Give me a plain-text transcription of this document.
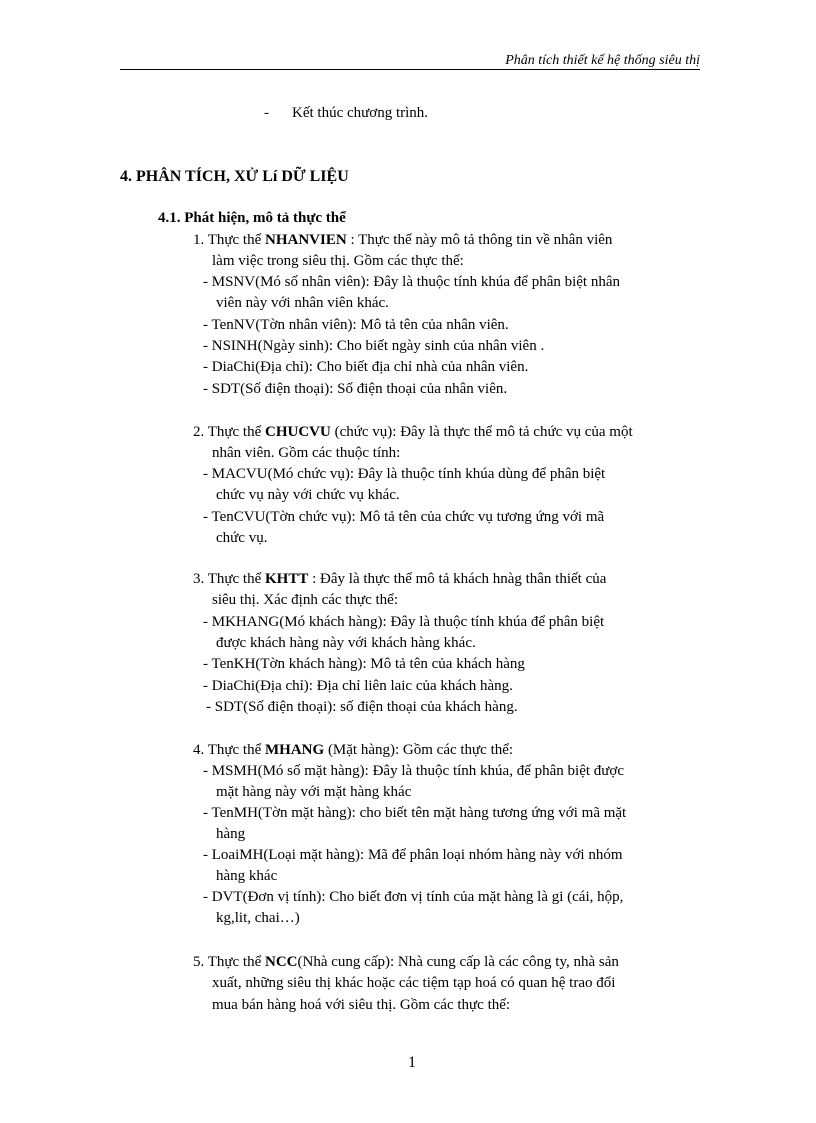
Phân tích thiết kế hệ thống siêu thị
- Kết thúc chương trình.
4. PHÂN TÍCH, XỬ Lí DỮ LIỆU
4.1. Phát hiện, mô tả thực thể
1. Thực thể NHANVIEN : Thực thể này mô tả thông tin về nhân viên
làm việc trong siêu thị. Gồm các thực thể:
- MSNV(Mó số nhân viên): Đây là thuộc tính khúa để phân biệt nhân
viên này với nhân viên khác.
- TenNV(Tờn nhân viên): Mô tả tên của nhân viên.
- NSINH(Ngày sinh): Cho biết ngày sinh của nhân viên .
- DiaChi(Địa chỉ): Cho biết địa chỉ nhà của nhân viên.
- SDT(Số điện thoại): Số điện thoại của nhân viên.
2. Thực thể CHUCVU (chức vụ): Đây là thực thể mô tả chức vụ của một
nhân viên. Gồm các thuộc tính:
- MACVU(Mó chức vụ): Đây là thuộc tính khúa dùng để phân biệt
chức vụ này với chức vụ khác.
- TenCVU(Tờn chức vụ): Mô tả tên của chức vụ tương ứng với mã
chức vụ.
3. Thực thể KHTT : Đây là thực thể mô tả khách hnàg thân thiết của
siêu thị. Xác định các thực thể:
- MKHANG(Mó khách hàng): Đây là thuộc tính khúa để phân biệt
được khách hàng này với khách hàng khác.
- TenKH(Tờn khách hàng): Mô tả tên của khách hàng
- DiaChi(Địa chỉ): Địa chỉ liên laic của khách hàng.
- SDT(Số điện thoại): số điện thoại của khách hàng.
4. Thực thể MHANG (Mặt hàng): Gồm các thực thể:
- MSMH(Mó số mặt hàng): Đây là thuộc tính khúa, để phân biệt được
mặt hàng này với mặt hàng khác
- TenMH(Tờn mặt hàng): cho biết tên mặt hàng tương ứng với mã mặt
hàng
- LoaiMH(Loại mặt hàng): Mã để phân loại nhóm hàng này với nhóm
hàng khác
- DVT(Đơn vị tính): Cho biết đơn vị tính của mặt hàng là gi (cái, hộp,
kg,lit, chai…)
5. Thực thể NCC(Nhà cung cấp): Nhà cung cấp là các công ty, nhà sản
xuất, những siêu thị khác hoặc các tiệm tạp hoá có quan hệ trao đổi
mua bán hàng hoá với siêu thị. Gồm các thực thể:
1
